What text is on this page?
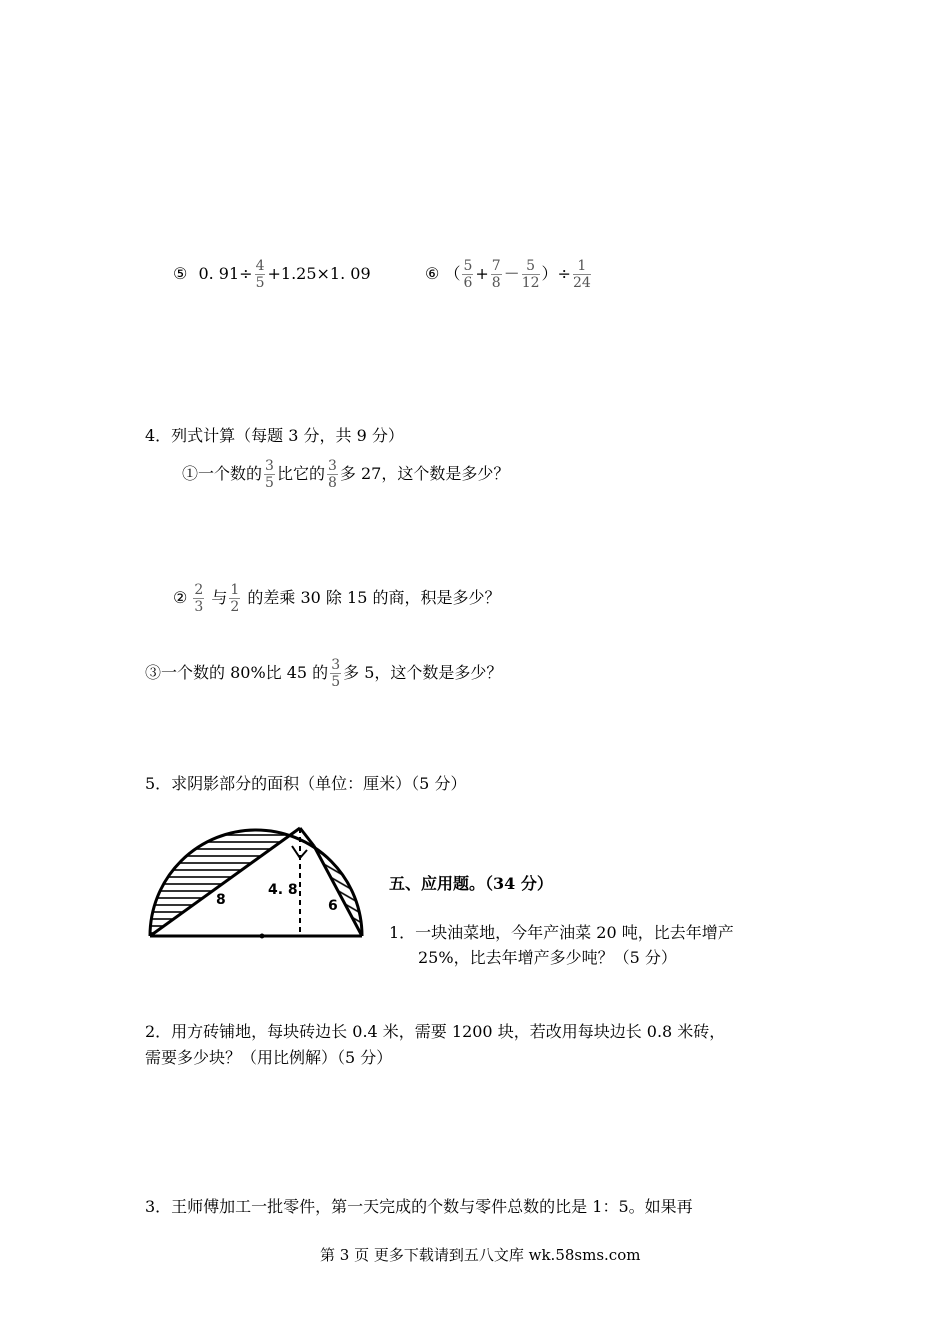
⑤ 0. $91\div \frac{4}{5} +1.25\times 1$. 09	⑥ （ $\frac{5}{6} + \frac{7}{8} - \frac{5}{12}$ ）÷ $\frac{1}{24}$
4．列式计算（每题 3 分，共 9 分）
①一个数的 $\frac{3}{5}$ 比它的 $\frac{3}{8}$ 多 27，这个数是多少？
② $\frac{2}{3}$ 与 $\frac{1}{2}$ 的差乘 30 除 15 的商，积是多少？
③一个数的 80%比 45 的 $\frac{3}{5}$ 多 5，这个数是多少？
5．求阴影部分的面积（单位：厘米）（5 分）
8
4. 8
6
五、应用题。（34 分）
1．一块油菜地，今年产油菜 20 吨，比去年增产
25%，比去年增产多少吨？（5 分）
2．用方砖铺地，每块砖边长 0.4 米，需要 1200 块，若改用每块边长 0.8 米砖，
需要多少块？（用比例解）（5 分）
3．王师傅加工一批零件，第一天完成的个数与零件总数的比是 1：5。如果再
第 3 页 更多下载请到五八文库 wk.58sms.com
